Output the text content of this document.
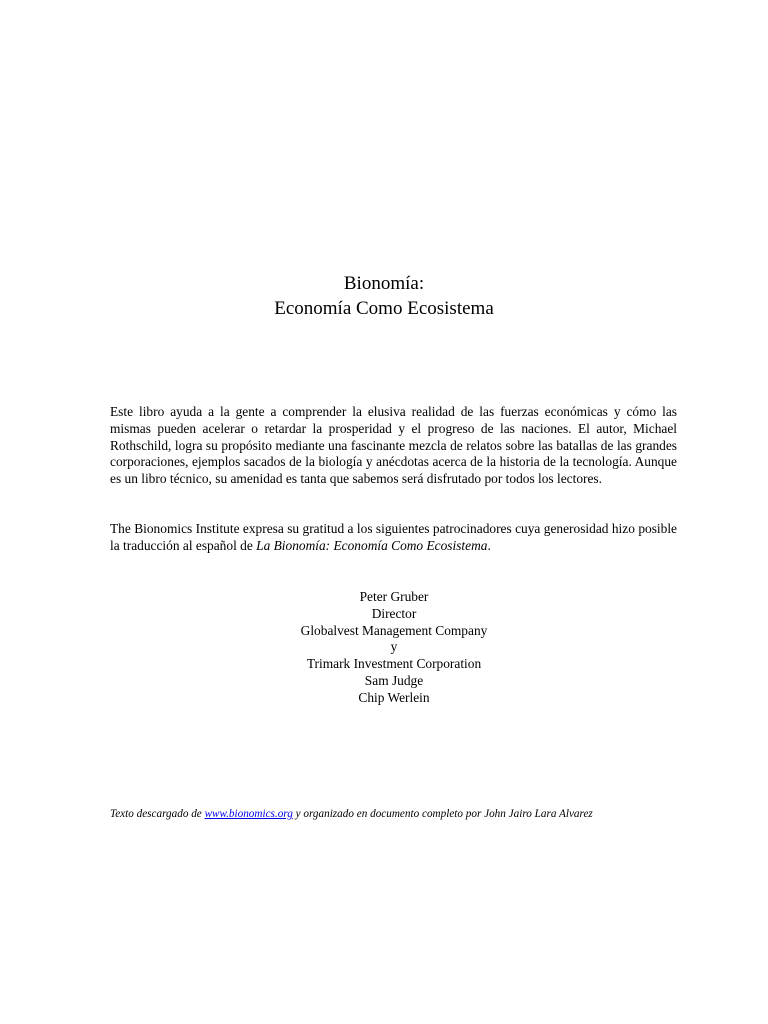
Bionomía:
Economía Como Ecosistema

Este libro ayuda a la gente a comprender la elusiva realidad de las fuerzas económicas y cómo las mismas pueden acelerar o retardar la prosperidad y el progreso de las naciones. El autor, Michael Rothschild, logra su propósito mediante una fascinante mezcla de relatos sobre las batallas de las grandes corporaciones, ejemplos sacados de la biología y anécdotas acerca de la historia de la tecnología. Aunque es un libro técnico, su amenidad es tanta que sabemos será disfrutado por todos los lectores.

The Bionomics Institute expresa su gratitud a los siguientes patrocinadores cuya generosidad hizo posible la traducción al español de La Bionomía: Economía Como Ecosistema.

Peter Gruber
Director
Globalvest Management Company
y
Trimark Investment Corporation
Sam Judge
Chip Werlein
Texto descargado de www.bionomics.org y organizado en documento completo por John Jairo Lara Alvarez
